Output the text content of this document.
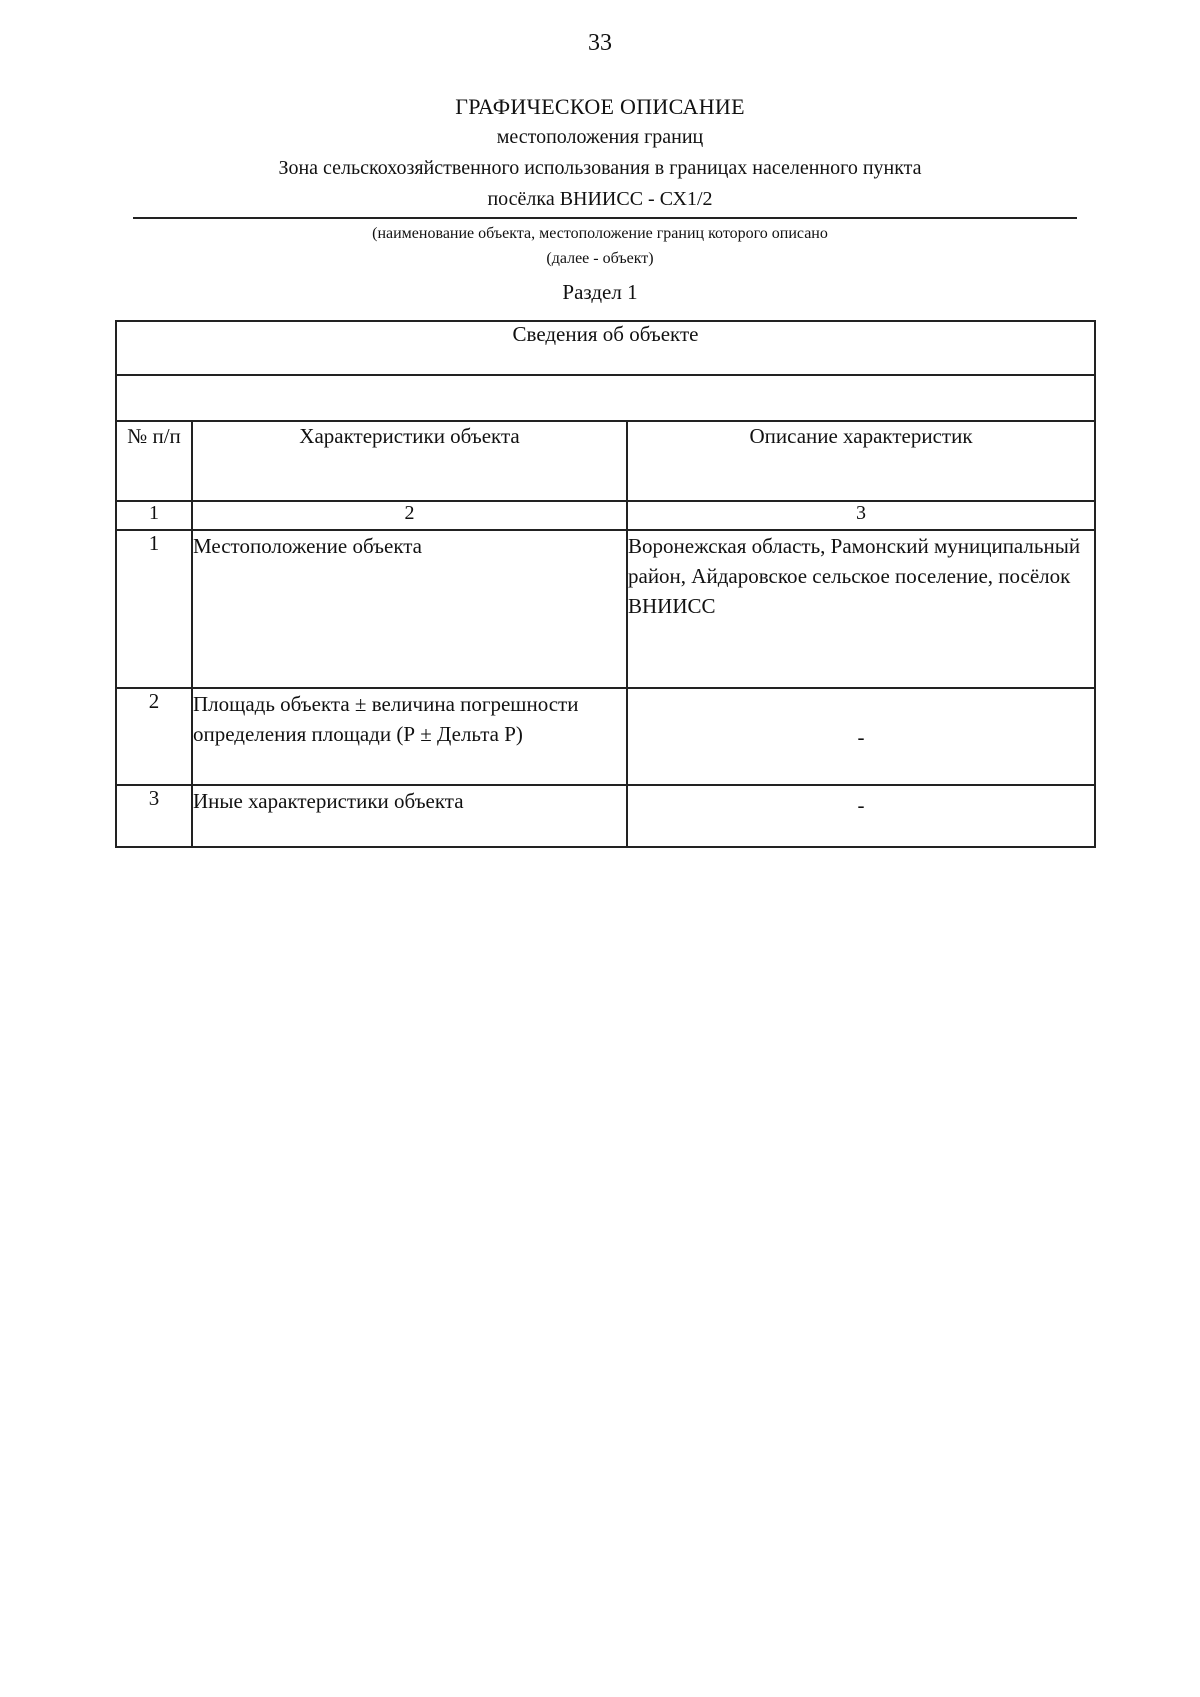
33
ГРАФИЧЕСКОЕ ОПИСАНИЕ
местоположения границ
Зона сельскохозяйственного использования в границах населенного пункта
посёлка ВНИИСС - СХ1/2
(наименование объекта, местоположение границ которого описано
(далее - объект)
Раздел 1
Сведения об объекте		

№ п/п	Характеристики объекта	Описание характеристик
1	2	3
1	Местоположение объекта	Воронежская область, Рамонский муниципальный район, Айдаровское сельское поселение, посёлок ВНИИСС
2	Площадь объекта ± величина погрешности определения площади (Р ± Дельта Р)	-
3	Иные характеристики объекта	-
